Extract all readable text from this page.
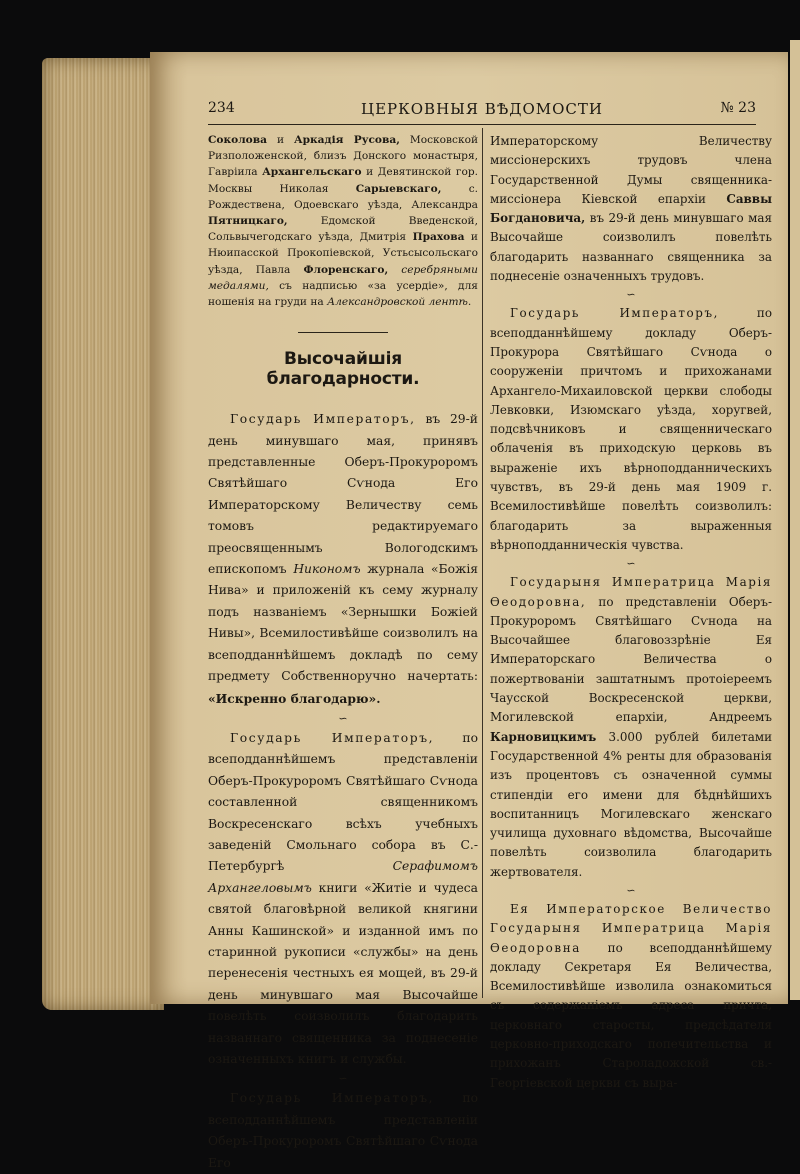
234	ЦЕРКОВНЫЯ ВѢДОМОСТИ	№ 23

Соколова и Аркадія Русова, Московской Ризположенской, близъ Донского монастыря, Гавріила Архангельскаго и Девятинской гор. Москвы Николая Сарыевскаго, с. Рождествена, Одоевскаго уѣзда, Александра Пятницкаго, Едомской Введенской, Сольвычегодскаго уѣзда, Дмитрія Прахова и Нюипасской Прокопіевской, Устьсысольскаго уѣзда, Павла Флоренскаго, серебряными медалями, съ надписью «за усердіе», для ношенія на груди на Александровской лентѣ.

Высочайшія благодарности.

Государь Императоръ, въ 29-й день минувшаго мая, принявъ представленные Оберъ-Прокуроромъ Святѣйшаго Сѵнода Его Императорскому Величеству семь томовъ редактируемаго преосвященнымъ Вологодскимъ епископомъ Никономъ журнала «Божія Нива» и приложеній къ сему журналу подъ названіемъ «Зернышки Божіей Нивы», Всемилостивѣйше соизволилъ на всеподданнѣйшемъ докладѣ по сему предмету Собственноручно начертать: «Искренно благодарю».

∽

Государь Императоръ, по всеподданнѣйшемъ представленіи Оберъ-Прокуроромъ Святѣйшаго Сѵнода составленной священникомъ Воскресенскаго всѣхъ учебныхъ заведеній Смольнаго собора въ С.-Петербургѣ Серафимомъ Архангеловымъ книги «Житіе и чудеса святой благовѣрной великой княгини Анны Кашинской» и изданной имъ по старинной рукописи «службы» на день перенесенія честныхъ ея мощей, въ 29-й день минувшаго мая Высочайше повелѣть соизволилъ благодарить названнаго священника за поднесеніе означенныхъ книгъ и службы.

∽

Государь Императоръ, по всеподданнѣйшемъ представленіи Оберъ-Прокуроромъ Святѣйшаго Сѵнода Его

Императорскому Величеству миссіонерскихъ трудовъ члена Государственной Думы священника-миссіонера Кіевской епархіи Саввы Богдановича, въ 29-й день минувшаго мая Высочайше соизволилъ повелѣть благодарить названнаго священника за поднесеніе означенныхъ трудовъ.

∽

Государь Императоръ, по всеподданнѣйшему докладу Оберъ-Прокурора Святѣйшаго Сѵнода о сооруженіи причтомъ и прихожанами Архангело-Михаиловской церкви слободы Левковки, Изюмскаго уѣзда, хоругвей, подсвѣчниковъ и священническаго облаченія въ приходскую церковь въ выраженіе ихъ вѣрноподданническихъ чувствъ, въ 29-й день мая 1909 г. Всемилостивѣйше повелѣть соизволилъ: благодарить за выраженныя вѣрноподданническія чувства.

∽

Государыня Императрица Марія Ѳеодоровна, по представленіи Оберъ-Прокуроромъ Святѣйшаго Сѵнода на Высочайшее благовоззрѣніе Ея Императорскаго Величества о пожертвованіи заштатнымъ протоіереемъ Чаусской Воскресенской церкви, Могилевской епархіи, Андреемъ Карновицкимъ 3.000 рублей билетами Государственной 4% ренты для образованія изъ процентовъ съ означенной суммы стипендіи его имени для бѣднѣйшихъ воспитанницъ Могилевскаго женскаго училища духовнаго вѣдомства, Высочайше повелѣть соизволила благодарить жертвователя.

∽

Ея Императорское Величество Государыня Императрица Марія Ѳеодоровна по всеподданнѣйшему докладу Секретаря Ея Величества, Всемилостивѣйше изволила ознакомиться съ содержаніемъ адреса причта, церковнаго старосты, предсѣдателя церковно-приходскаго попечительства и прихожанъ Староладожской св.-Георгіевской церкви съ выра-
